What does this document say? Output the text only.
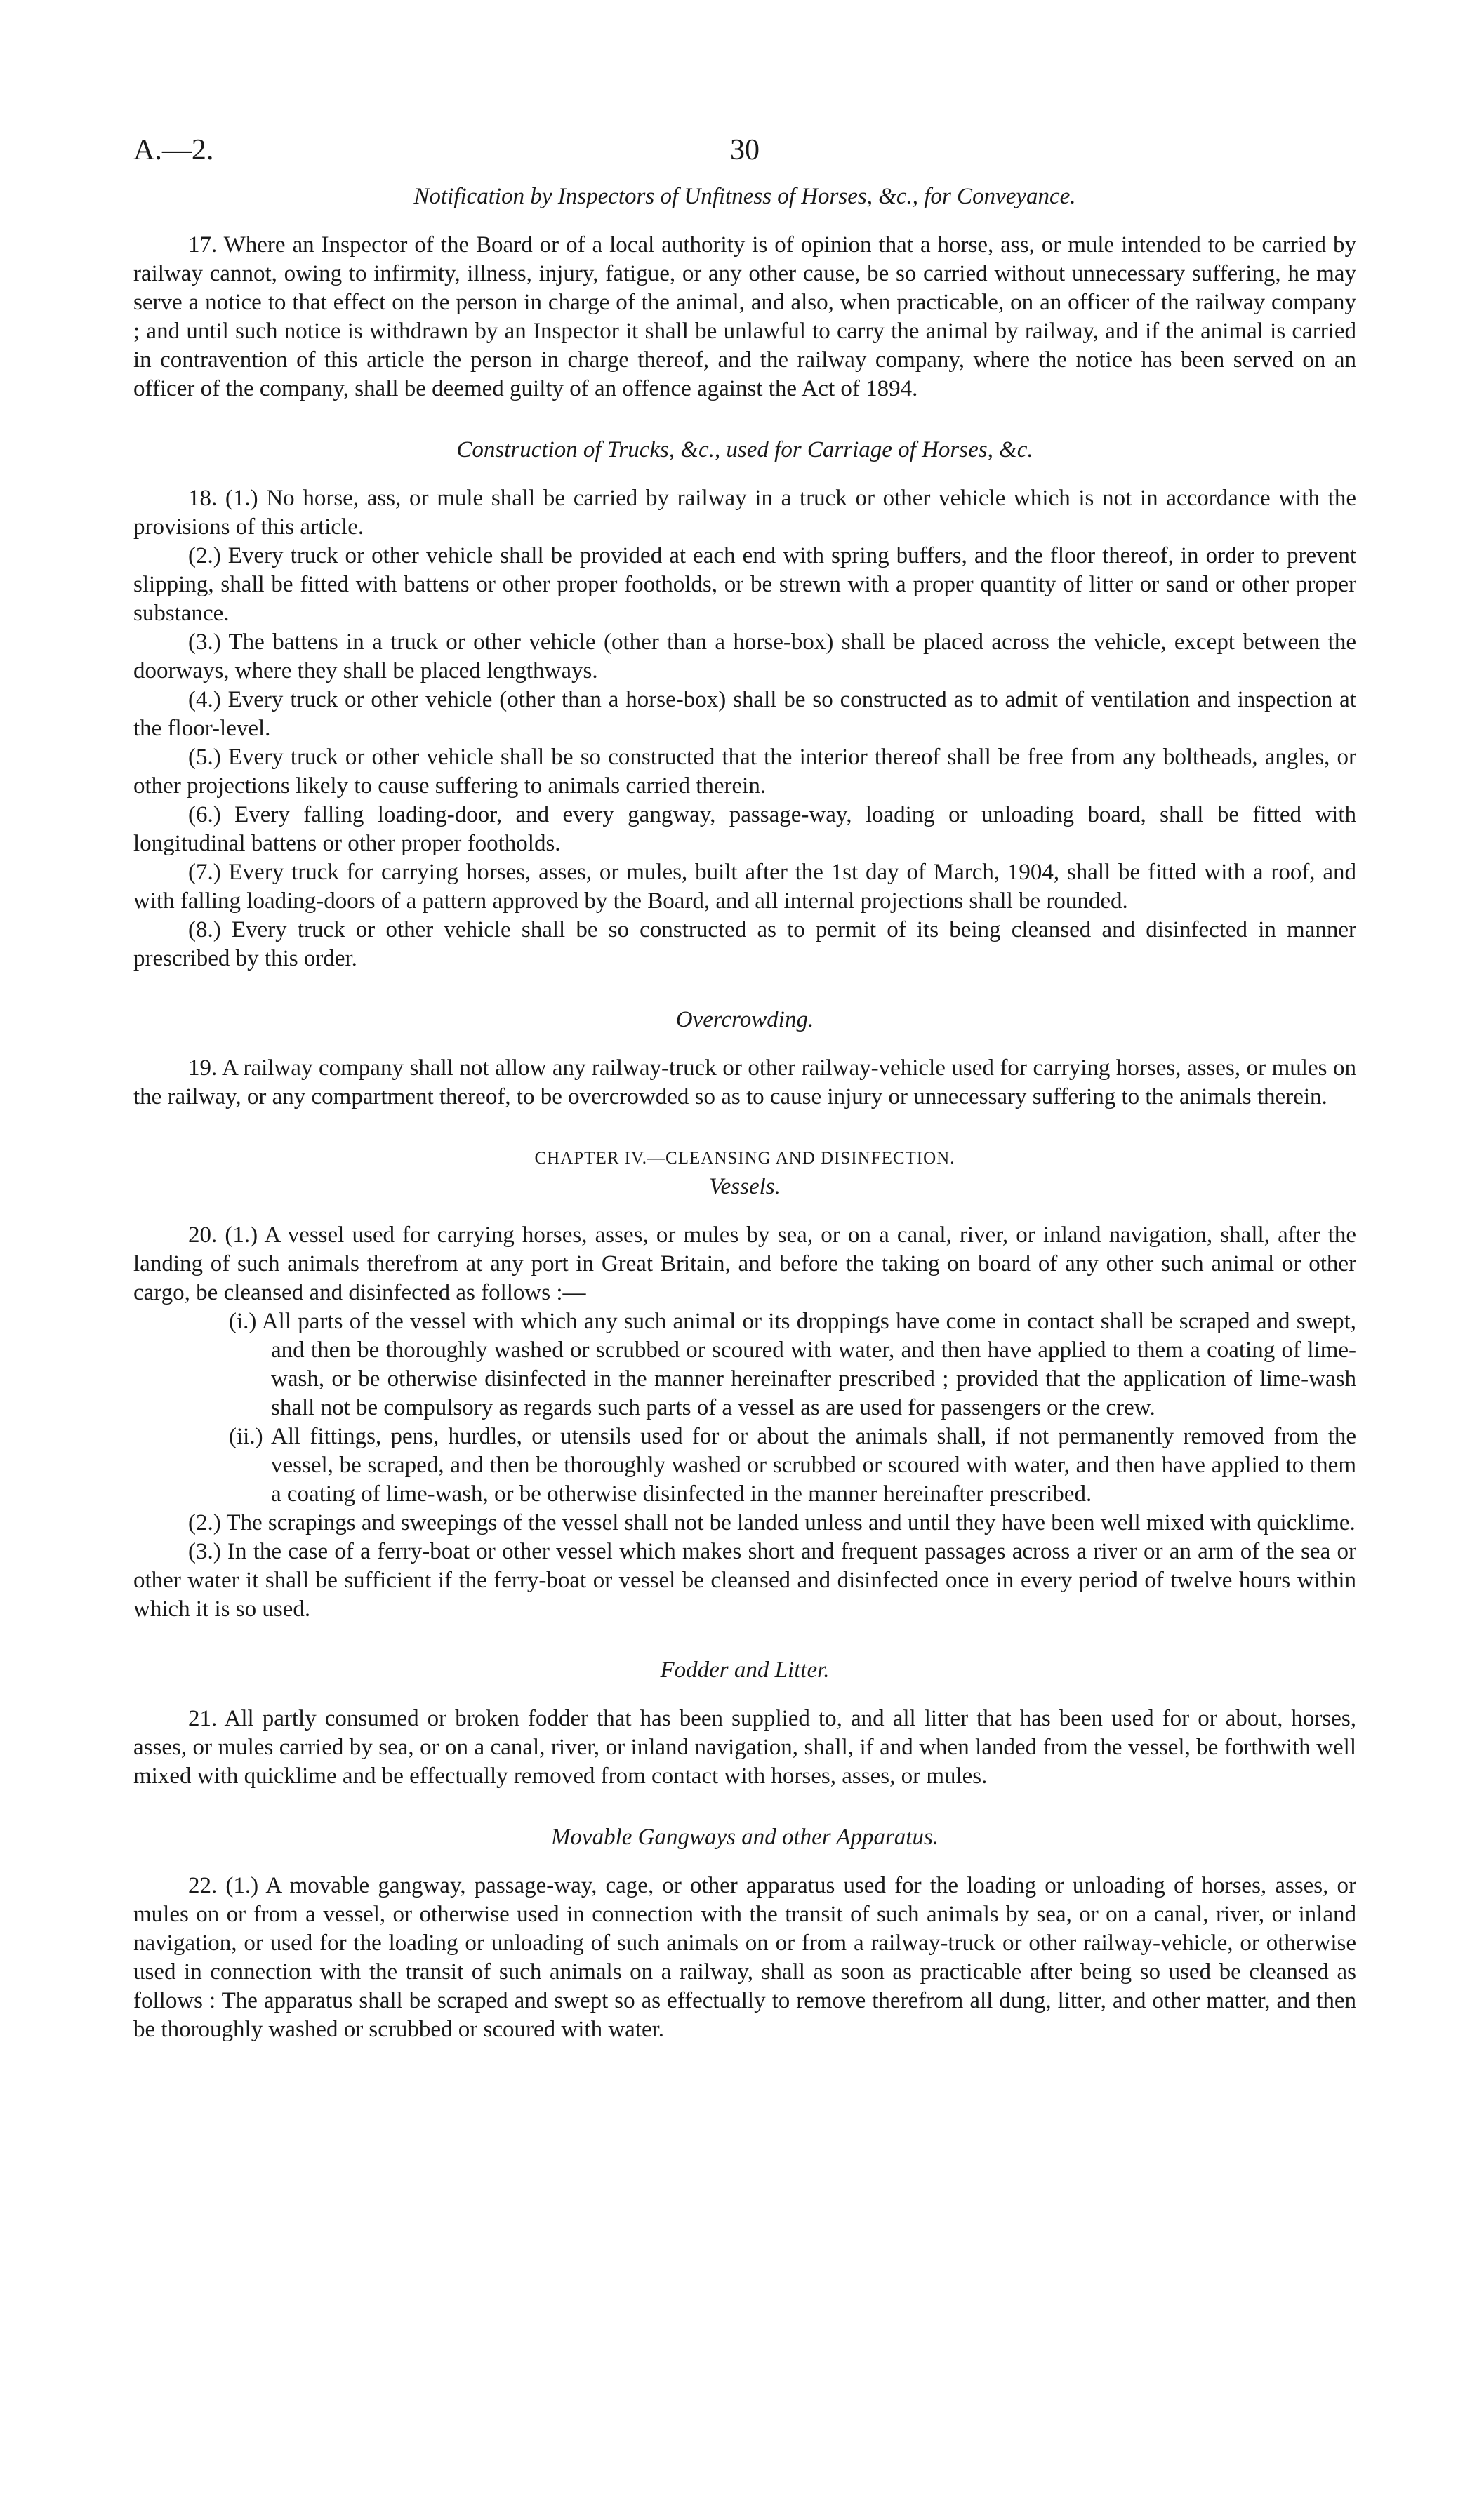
A.—2.	30

Notification by Inspectors of Unfitness of Horses, &c., for Conveyance.

17. Where an Inspector of the Board or of a local authority is of opinion that a horse, ass, or mule intended to be carried by railway cannot, owing to infirmity, illness, injury, fatigue, or any other cause, be so carried without unnecessary suffering, he may serve a notice to that effect on the person in charge of the animal, and also, when practicable, on an officer of the railway company ; and until such notice is withdrawn by an Inspector it shall be unlawful to carry the animal by railway, and if the animal is carried in contravention of this article the person in charge thereof, and the railway company, where the notice has been served on an officer of the company, shall be deemed guilty of an offence against the Act of 1894.

Construction of Trucks, &c., used for Carriage of Horses, &c.

18. (1.) No horse, ass, or mule shall be carried by railway in a truck or other vehicle which is not in accordance with the provisions of this article.

(2.) Every truck or other vehicle shall be provided at each end with spring buffers, and the floor thereof, in order to prevent slipping, shall be fitted with battens or other proper footholds, or be strewn with a proper quantity of litter or sand or other proper substance.

(3.) The battens in a truck or other vehicle (other than a horse-box) shall be placed across the vehicle, except between the doorways, where they shall be placed lengthways.

(4.) Every truck or other vehicle (other than a horse-box) shall be so constructed as to admit of ventilation and inspection at the floor-level.

(5.) Every truck or other vehicle shall be so constructed that the interior thereof shall be free from any boltheads, angles, or other projections likely to cause suffering to animals carried therein.

(6.) Every falling loading-door, and every gangway, passage-way, loading or unloading board, shall be fitted with longitudinal battens or other proper footholds.

(7.) Every truck for carrying horses, asses, or mules, built after the 1st day of March, 1904, shall be fitted with a roof, and with falling loading-doors of a pattern approved by the Board, and all internal projections shall be rounded.

(8.) Every truck or other vehicle shall be so constructed as to permit of its being cleansed and disinfected in manner prescribed by this order.

Overcrowding.

19. A railway company shall not allow any railway-truck or other railway-vehicle used for carrying horses, asses, or mules on the railway, or any compartment thereof, to be overcrowded so as to cause injury or unnecessary suffering to the animals therein.

CHAPTER IV.—CLEANSING AND DISINFECTION.

Vessels.

20. (1.) A vessel used for carrying horses, asses, or mules by sea, or on a canal, river, or inland navigation, shall, after the landing of such animals therefrom at any port in Great Britain, and before the taking on board of any other such animal or other cargo, be cleansed and disinfected as follows :—

(i.) All parts of the vessel with which any such animal or its droppings have come in contact shall be scraped and swept, and then be thoroughly washed or scrubbed or scoured with water, and then have applied to them a coating of lime-wash, or be otherwise disinfected in the manner hereinafter prescribed ; provided that the application of lime-wash shall not be compulsory as regards such parts of a vessel as are used for passengers or the crew.

(ii.) All fittings, pens, hurdles, or utensils used for or about the animals shall, if not permanently removed from the vessel, be scraped, and then be thoroughly washed or scrubbed or scoured with water, and then have applied to them a coating of lime-wash, or be otherwise disinfected in the manner hereinafter prescribed.

(2.) The scrapings and sweepings of the vessel shall not be landed unless and until they have been well mixed with quicklime.

(3.) In the case of a ferry-boat or other vessel which makes short and frequent passages across a river or an arm of the sea or other water it shall be sufficient if the ferry-boat or vessel be cleansed and disinfected once in every period of twelve hours within which it is so used.

Fodder and Litter.

21. All partly consumed or broken fodder that has been supplied to, and all litter that has been used for or about, horses, asses, or mules carried by sea, or on a canal, river, or inland navigation, shall, if and when landed from the vessel, be forthwith well mixed with quicklime and be effectually removed from contact with horses, asses, or mules.

Movable Gangways and other Apparatus.

22. (1.) A movable gangway, passage-way, cage, or other apparatus used for the loading or unloading of horses, asses, or mules on or from a vessel, or otherwise used in connection with the transit of such animals by sea, or on a canal, river, or inland navigation, or used for the loading or unloading of such animals on or from a railway-truck or other railway-vehicle, or otherwise used in connection with the transit of such animals on a railway, shall as soon as practicable after being so used be cleansed as follows : The apparatus shall be scraped and swept so as effectually to remove therefrom all dung, litter, and other matter, and then be thoroughly washed or scrubbed or scoured with water.
